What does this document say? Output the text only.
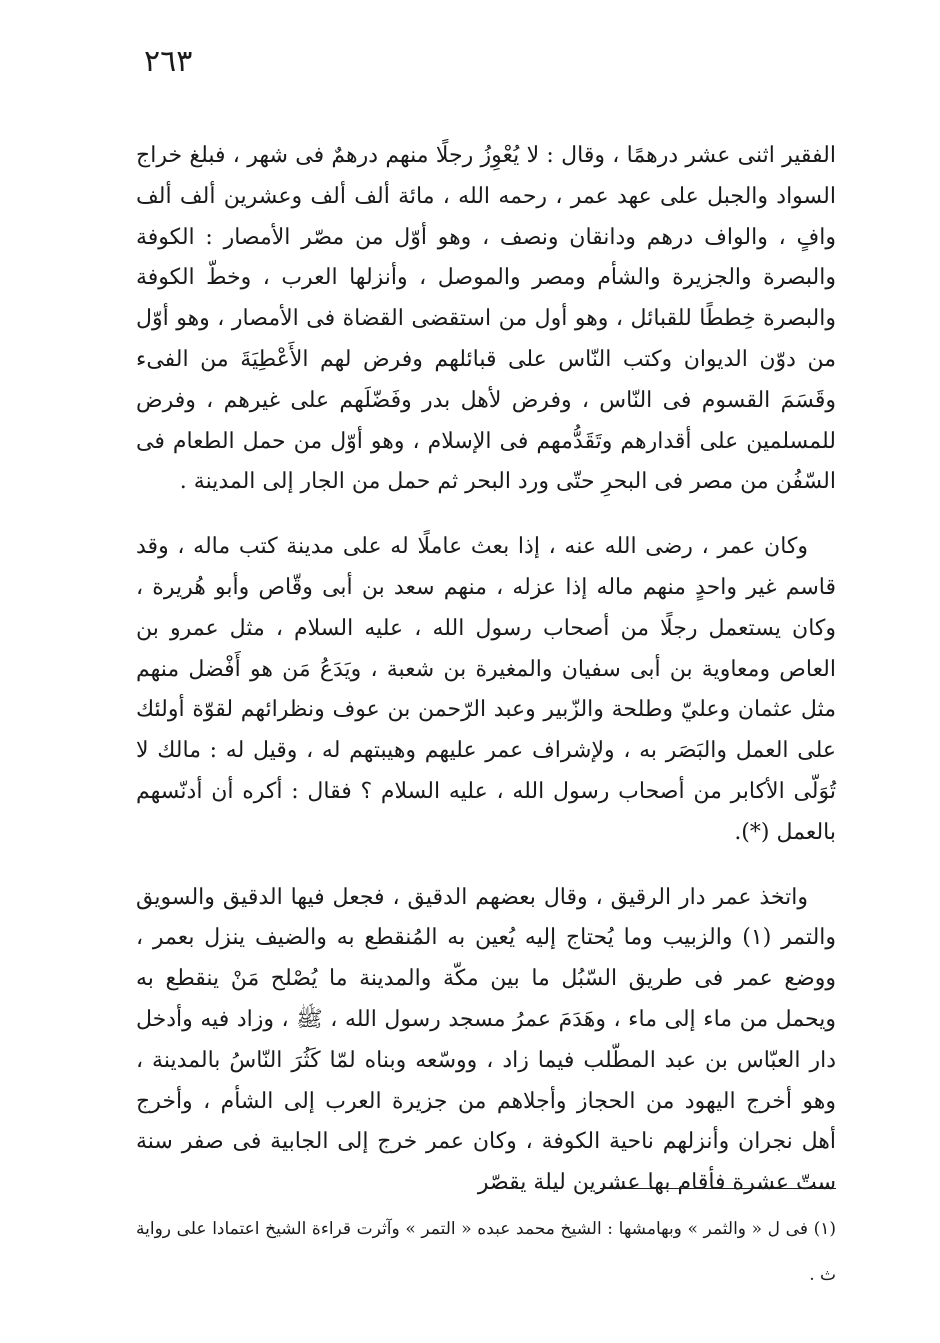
٢٦٣

الفقير اثنى عشر درهمًا ، وقال : لا يُعْوِزُ رجلًا منهم درهمٌ فى شهر ، فبلغ خراج السواد والجبل على عهد عمر ، رحمه الله ، مائة ألف ألف وعشرين ألف ألف وافٍ ، والواف درهم ودانقان ونصف ، وهو أوّل من مصّر الأمصار : الكوفة والبصرة والجزيرة والشأم ومصر والموصل ، وأنزلها العرب ، وخطّ الكوفة والبصرة خِططًا للقبائل ، وهو أول من استقضى القضاة فى الأمصار ، وهو أوّل من دوّن الديوان وكتب النّاس على قبائلهم وفرض لهم الأَعْطِيَةَ من الفىء وقَسَمَ القسوم فى النّاس ، وفرض لأهل بدر وفَضّلَهم على غيرهم ، وفرض للمسلمين على أقدارهم وتَقَدُّمهم فى الإسلام ، وهو أوّل من حمل الطعام فى السّفُن من مصر فى البحرِ حتّى ورد البحر ثم حمل من الجار إلى المدينة .

وكان عمر ، رضى الله عنه ، إذا بعث عاملًا له على مدينة كتب ماله ، وقد قاسم غير واحدٍ منهم ماله إذا عزله ، منهم سعد بن أبى وقّاص وأبو هُريرة ، وكان يستعمل رجلًا من أصحاب رسول الله ، عليه السلام ، مثل عمرو بن العاص ومعاوية بن أبى سفيان والمغيرة بن شعبة ، ويَدَعُ مَن هو أَفْضل منهم مثل عثمان وعليّ وطلحة والزّبير وعبد الرّحمن بن عوف ونظرائهم لقوّة أولئك على العمل والبَصَر به ، ولإشراف عمر عليهم وهيبتهم له ، وقيل له : مالك لا تُوَلّى الأكابر من أصحاب رسول الله ، عليه السلام ؟ فقال : أكره أن أدنّسهم بالعمل (*).

واتخذ عمر دار الرقيق ، وقال بعضهم الدقيق ، فجعل فيها الدقيق والسويق والتمر (١) والزبيب وما يُحتاج إليه يُعين به المُنقطع به والضيف ينزل بعمر ، ووضع عمر فى طريق السّبُل ما بين مكّة والمدينة ما يُصْلح مَنْ ينقطع به ويحمل من ماء إلى ماء ، وهَدَمَ عمرُ مسجد رسول الله ، ﷺ ، وزاد فيه وأدخل دار العبّاس بن عبد المطّلب فيما زاد ، ووسّعه وبناه لمّا كَثُرَ النّاسُ بالمدينة ، وهو أخرج اليهود من الحجاز وأجلاهم من جزيرة العرب إلى الشأم ، وأخرج أهل نجران وأنزلهم ناحية الكوفة ، وكان عمر خرج إلى الجابية فى صفر سنة ستّ عشرة فأقام بها عشرين ليلة يقصّر

(١) فى ل « والثمر » وبهامشها : الشيخ محمد عبده « التمر » وآثرت قراءة الشيخ اعتمادا على رواية ث .
